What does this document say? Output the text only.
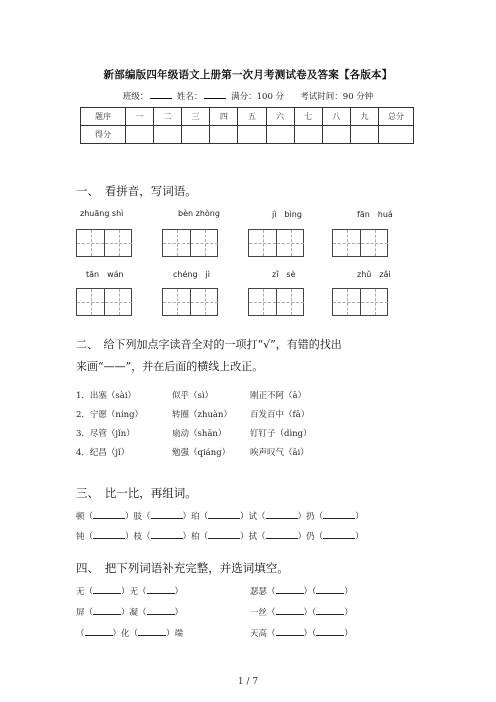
新部编版四年级语文上册第一次月考测试卷及答案【各版本】
班级：	姓名：	满分：100 分 考试时间：90 分钟
题序	一	二	三	四	五	六	七	八	九	总分
得分										
一、　看拼音，写词语。
zhuāng shì	bèn zhòng	jì　bìng	fān　huá
tān　wán	chéng　jì	zǐ　sè	zhǔ　zǎi
二、　给下列加点字读音全对的一项打“√”，有错的找出
来画“——”，并在后面的横线上改正。
1．出塞（sài）	似乎（sì）	刚正不阿（ā）
2．宁愿（níng）	转圈（zhuàn） 百发百中（fā）
3．尽管（jǐn）	扇动（shān）	钉钉子（dìng）
4．纪昌（jǐ）	勉强（qiáng） 唉声叹气（āi）
三、　比一比，再组词。
顿（	）肢（	）珀（	）试（	）扔（	）
钝（	）枝（	）柏（	）拭（	）仍（	）
四、　把下列词语补充完整，并选词填空。
无（	）无（	）	瑟瑟（	）（	）
屏（	）凝（	）	一丝（	）（	）
（	）化（	）端	天高（	）（	）
1 / 7
